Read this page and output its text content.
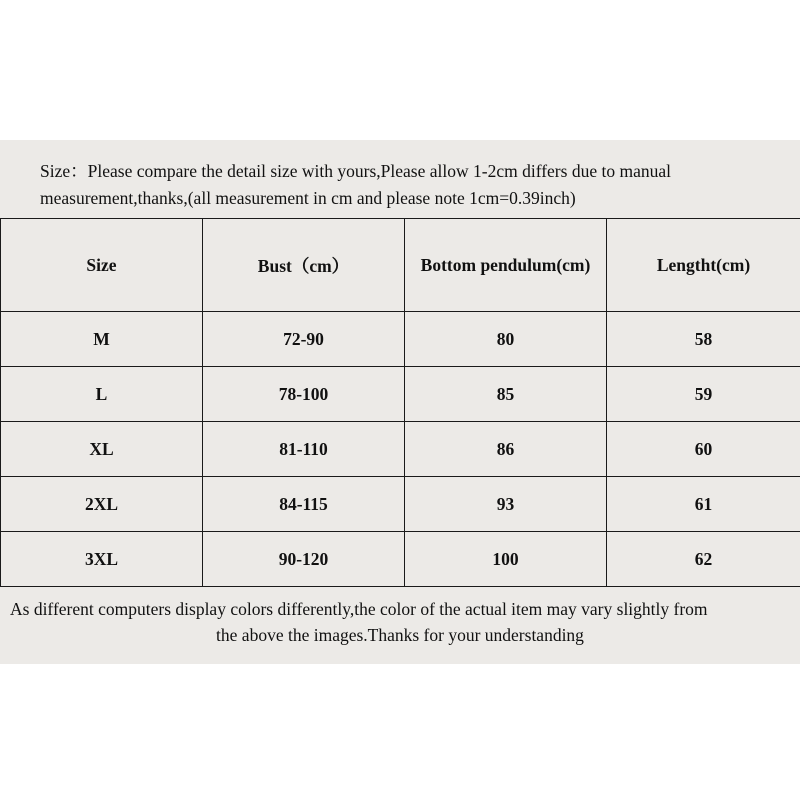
Size：Please compare the detail size with yours,Please allow 1-2cm differs due to manual
measurement,thanks,(all measurement in cm and please note 1cm=0.39inch)
Size	Bust（cm）	Bottom pendulum(cm)	Lengtht(cm)
M	72-90	80	58
L	78-100	85	59
XL	81-110	86	60
2XL	84-115	93	61
3XL	90-120	100	62
As different computers display colors differently,the color of the actual item may vary slightly from
the above the images.Thanks for your understanding
